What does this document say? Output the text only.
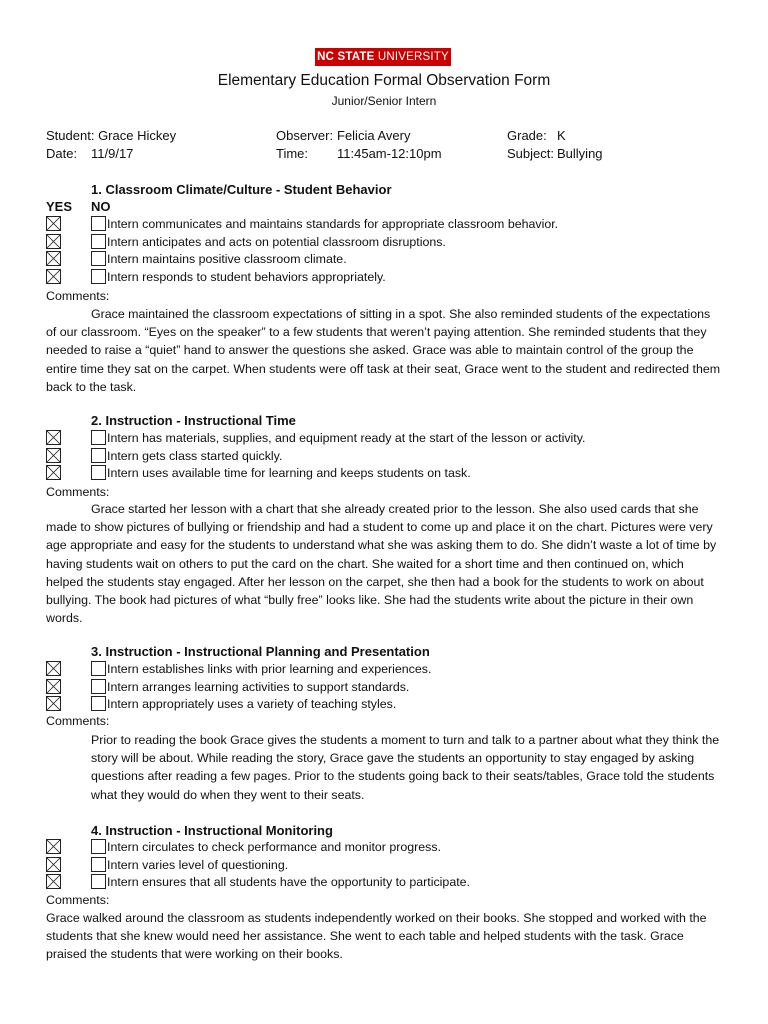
NC STATE UNIVERSITY
Elementary Education Formal Observation Form
Junior/Senior Intern
Student: Grace Hickey
Date: 11/9/17
Observer: Felicia Avery
Time: 11:45am-12:10pm
Grade: K
Subject: Bullying
1. Classroom Climate/Culture - Student Behavior
YES NO
Intern communicates and maintains standards for appropriate classroom behavior.
Intern anticipates and acts on potential classroom disruptions.
Intern maintains positive classroom climate.
Intern responds to student behaviors appropriately.
Comments:
Grace maintained the classroom expectations of sitting in a spot. She also reminded students of the expectations of our classroom. “Eyes on the speaker” to a few students that weren’t paying attention. She reminded students that they needed to raise a “quiet” hand to answer the questions she asked. Grace was able to maintain control of the group the entire time they sat on the carpet. When students were off task at their seat, Grace went to the student and redirected them back to the task.
2. Instruction - Instructional Time
Intern has materials, supplies, and equipment ready at the start of the lesson or activity.
Intern gets class started quickly.
Intern uses available time for learning and keeps students on task.
Comments:
Grace started her lesson with a chart that she already created prior to the lesson. She also used cards that she made to show pictures of bullying or friendship and had a student to come up and place it on the chart. Pictures were very age appropriate and easy for the students to understand what she was asking them to do. She didn’t waste a lot of time by having students wait on others to put the card on the chart. She waited for a short time and then continued on, which helped the students stay engaged. After her lesson on the carpet, she then had a book for the students to work on about bullying. The book had pictures of what “bully free” looks like. She had the students write about the picture in their own words.
3. Instruction - Instructional Planning and Presentation
Intern establishes links with prior learning and experiences.
Intern arranges learning activities to support standards.
Intern appropriately uses a variety of teaching styles.
Comments:
Prior to reading the book Grace gives the students a moment to turn and talk to a partner about what they think the story will be about. While reading the story, Grace gave the students an opportunity to stay engaged by asking questions after reading a few pages. Prior to the students going back to their seats/tables, Grace told the students what they would do when they went to their seats.
4. Instruction - Instructional Monitoring
Intern circulates to check performance and monitor progress.
Intern varies level of questioning.
Intern ensures that all students have the opportunity to participate.
Comments:
Grace walked around the classroom as students independently worked on their books. She stopped and worked with the students that she knew would need her assistance. She went to each table and helped students with the task. Grace praised the students that were working on their books.
